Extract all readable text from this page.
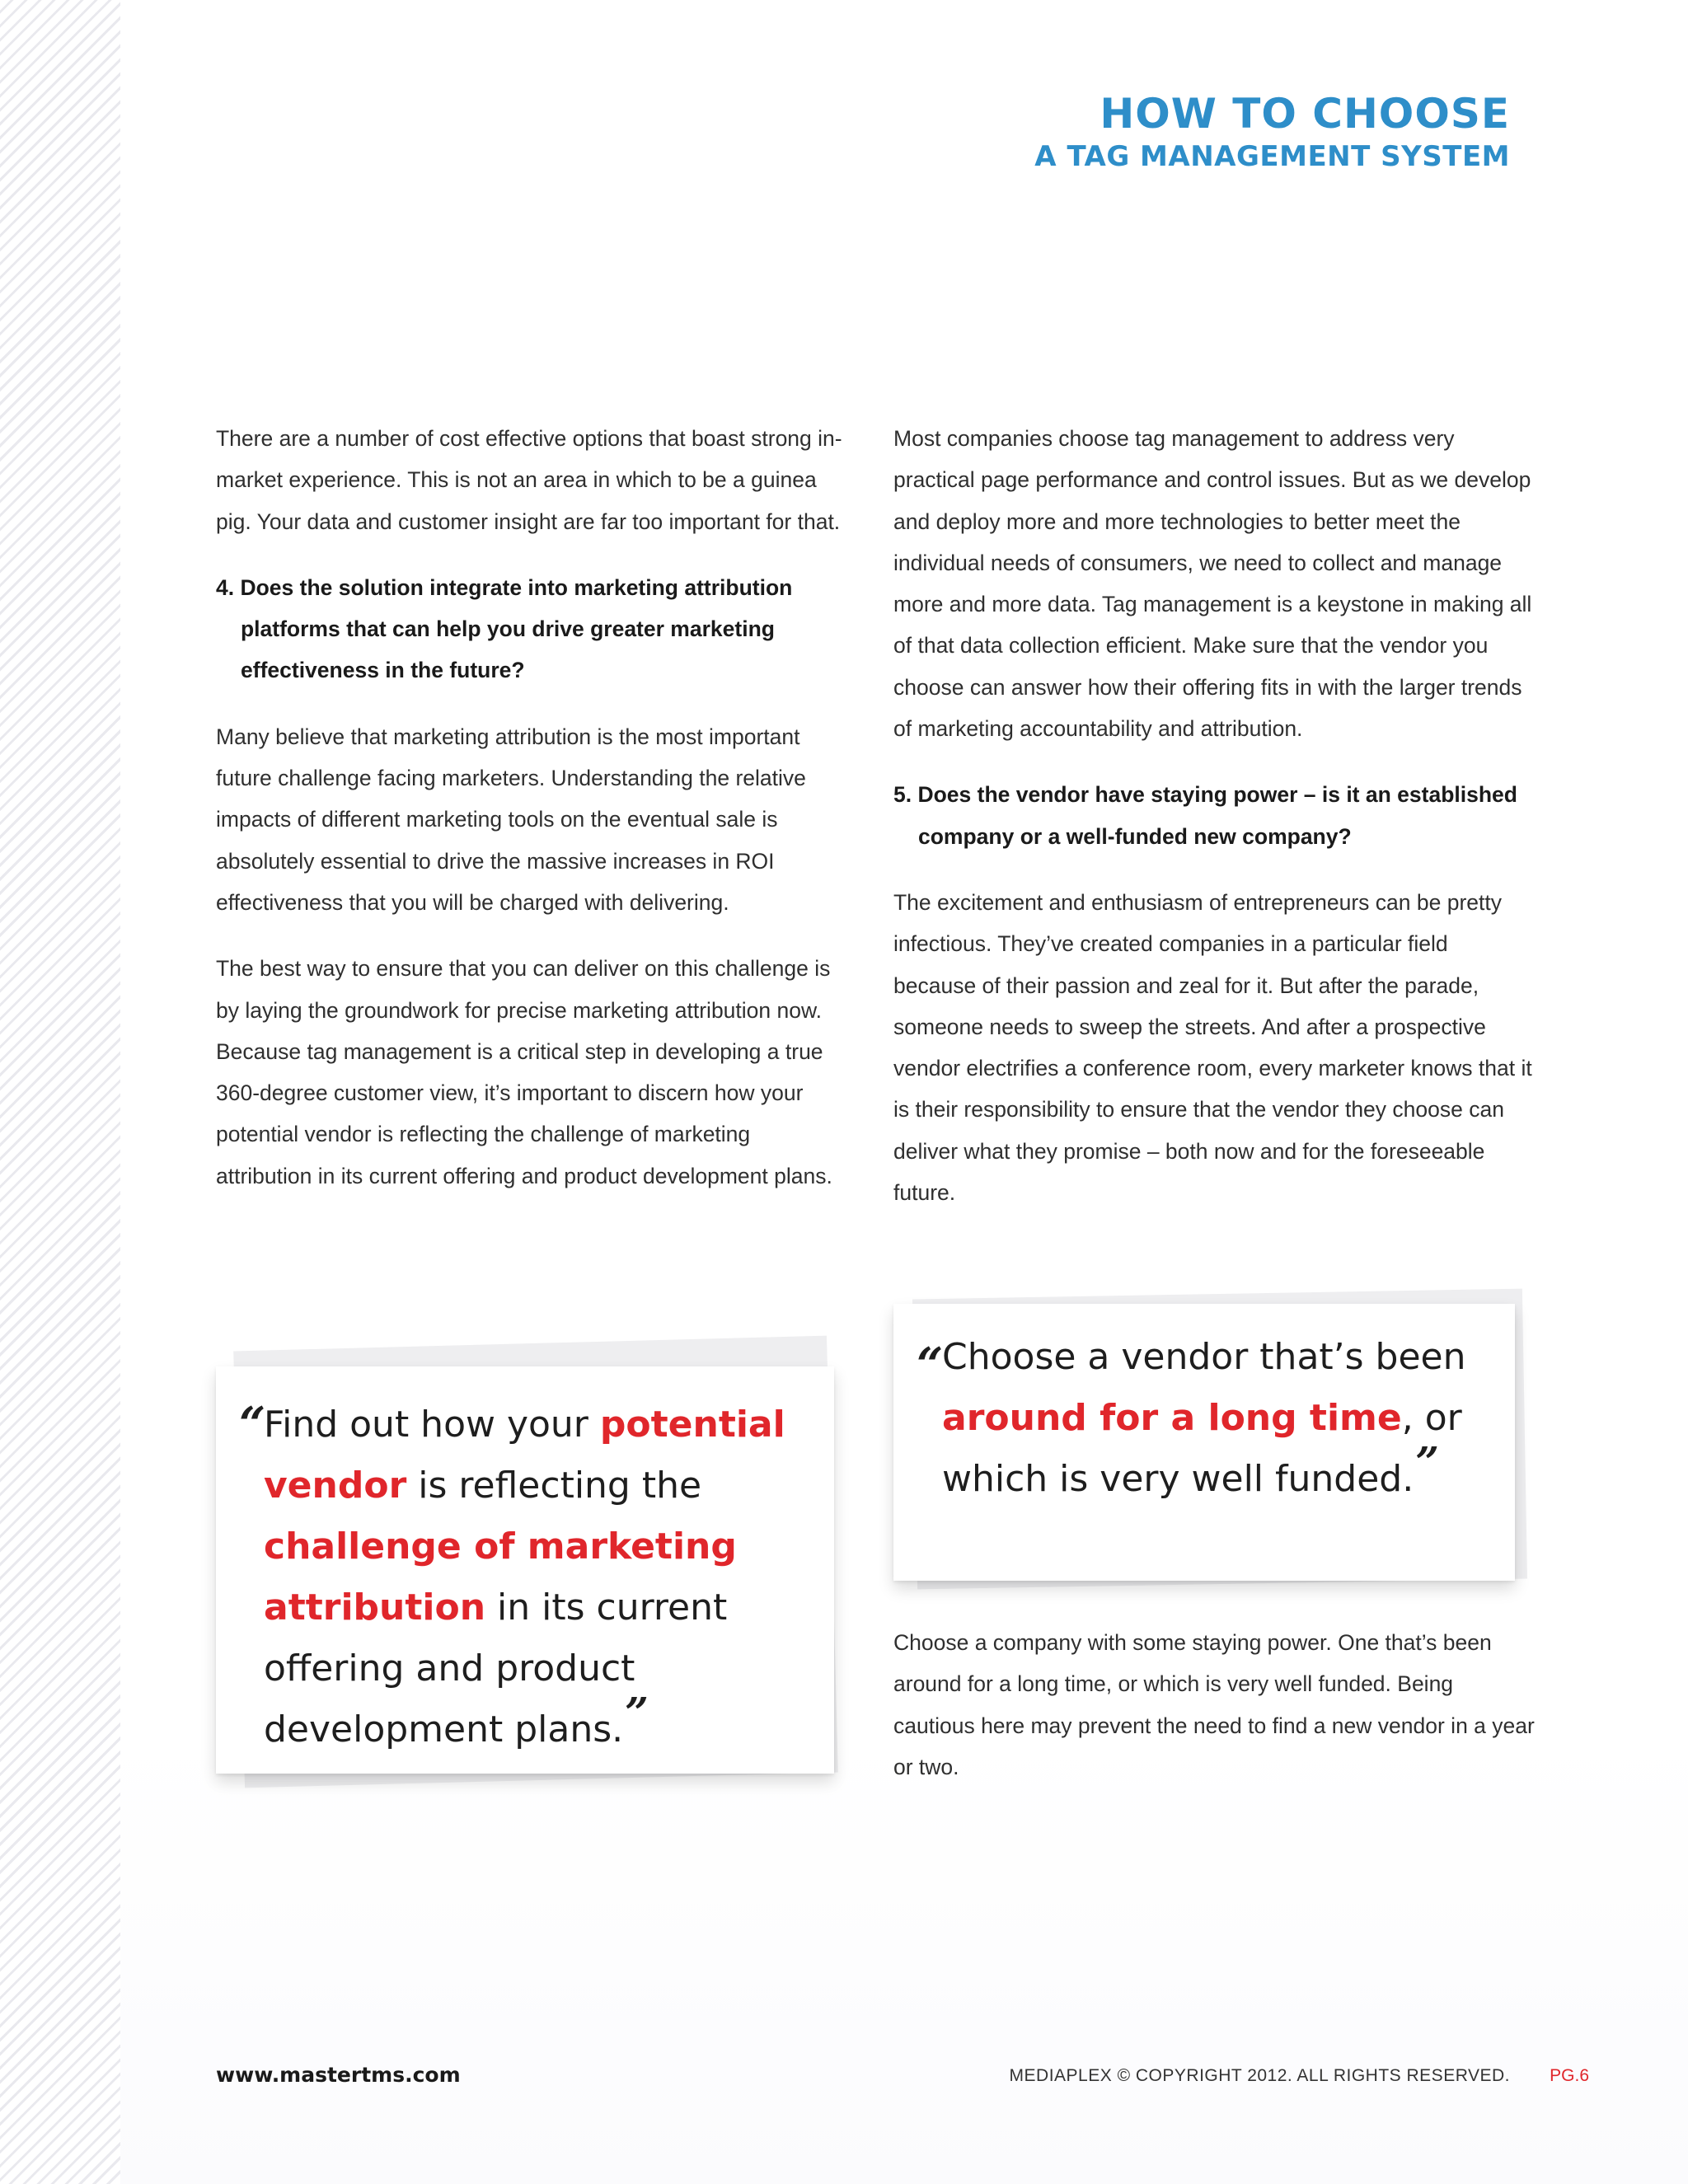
HOW TO CHOOSE
A TAG MANAGEMENT SYSTEM

There are a number of cost effective options that boast strong in-market experience. This is not an area in which to be a guinea pig. Your data and customer insight are far too important for that.

4. Does the solution integrate into marketing attribution platforms that can help you drive greater marketing effectiveness in the future?

Many believe that marketing attribution is the most important future challenge facing marketers. Understanding the relative impacts of different marketing tools on the eventual sale is absolutely essential to drive the massive increases in ROI effectiveness that you will be charged with delivering.

The best way to ensure that you can deliver on this challenge is by laying the groundwork for precise marketing attribution now. Because tag management is a critical step in developing a true 360-degree customer view, it’s important to discern how your potential vendor is reflecting the challenge of marketing attribution in its current offering and product development plans.

Most companies choose tag management to address very practical page performance and control issues. But as we develop and deploy more and more technologies to better meet the individual needs of consumers, we need to collect and manage more and more data. Tag management is a keystone in making all of that data collection efficient. Make sure that the vendor you choose can answer how their offering fits in with the larger trends of marketing accountability and attribution.

5. Does the vendor have staying power – is it an established company or a well-funded new company?

The excitement and enthusiasm of entrepreneurs can be pretty infectious. They’ve created companies in a particular field because of their passion and zeal for it. But after the parade, someone needs to sweep the streets. And after a prospective vendor electrifies a conference room, every marketer knows that it is their responsibility to ensure that the vendor they choose can deliver what they promise – both now and for the foreseeable future.

“
Find out how your potential vendor is reflecting the challenge of marketing attribution in its current offering and product development plans.”
“
Choose a vendor that’s been around for a long time, or which is very well funded.”

Choose a company with some staying power. One that’s been around for a long time, or which is very well funded. Being cautious here may prevent the need to find a new vendor in a year or two.

www.mastertms.com	MEDIAPLEX © COPYRIGHT 2012. ALL RIGHTS RESERVED. PG.6
